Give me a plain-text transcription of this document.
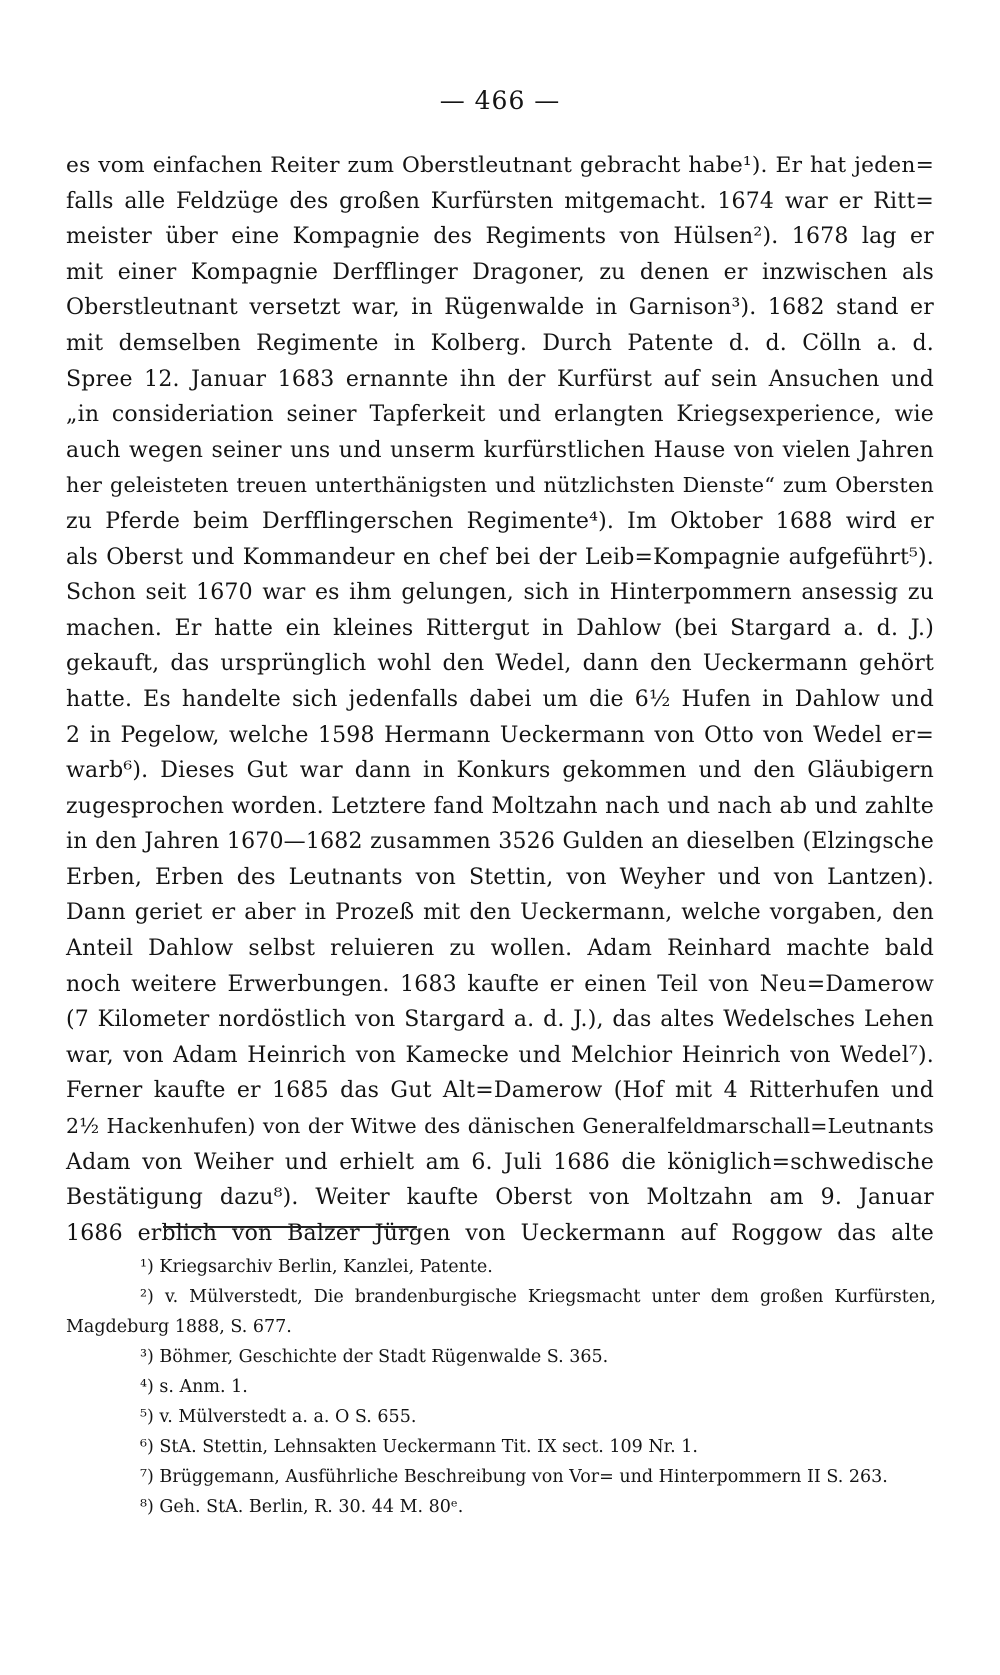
— 466 —
es vom einfachen Reiter zum Oberstleutnant gebracht habe¹). Er hat jeden=
falls alle Feldzüge des großen Kurfürsten mitgemacht. 1674 war er Ritt=
meister über eine Kompagnie des Regiments von Hülsen²). 1678 lag er
mit einer Kompagnie Derfflinger Dragoner, zu denen er inzwischen als
Oberstleutnant versetzt war, in Rügenwalde in Garnison³). 1682 stand er
mit demselben Regimente in Kolberg. Durch Patente d. d. Cölln a. d.
Spree 12. Januar 1683 ernannte ihn der Kurfürst auf sein Ansuchen und
„in consideriation seiner Tapferkeit und erlangten Kriegsexperience, wie
auch wegen seiner uns und unserm kurfürstlichen Hause von vielen Jahren
her geleisteten treuen unterthänigsten und nützlichsten Dienste“ zum Obersten
zu Pferde beim Derfflingerschen Regimente⁴). Im Oktober 1688 wird er
als Oberst und Kommandeur en chef bei der Leib=Kompagnie aufgeführt⁵).
Schon seit 1670 war es ihm gelungen, sich in Hinterpommern ansessig zu
machen. Er hatte ein kleines Rittergut in Dahlow (bei Stargard a. d. J.)
gekauft, das ursprünglich wohl den Wedel, dann den Ueckermann gehört
hatte. Es handelte sich jedenfalls dabei um die 6½ Hufen in Dahlow und
2 in Pegelow, welche 1598 Hermann Ueckermann von Otto von Wedel er=
warb⁶). Dieses Gut war dann in Konkurs gekommen und den Gläubigern
zugesprochen worden. Letztere fand Moltzahn nach und nach ab und zahlte
in den Jahren 1670—1682 zusammen 3526 Gulden an dieselben (Elzingsche
Erben, Erben des Leutnants von Stettin, von Weyher und von Lantzen).
Dann geriet er aber in Prozeß mit den Ueckermann, welche vorgaben, den
Anteil Dahlow selbst reluieren zu wollen. Adam Reinhard machte bald
noch weitere Erwerbungen. 1683 kaufte er einen Teil von Neu=Damerow
(7 Kilometer nordöstlich von Stargard a. d. J.), das altes Wedelsches Lehen
war, von Adam Heinrich von Kamecke und Melchior Heinrich von Wedel⁷).
Ferner kaufte er 1685 das Gut Alt=Damerow (Hof mit 4 Ritterhufen und
2½ Hackenhufen) von der Witwe des dänischen Generalfeldmarschall=Leutnants
Adam von Weiher und erhielt am 6. Juli 1686 die königlich=schwedische
Bestätigung dazu⁸). Weiter kaufte Oberst von Moltzahn am 9. Januar
1686 erblich von Balzer Jürgen von Ueckermann auf Roggow das alte
¹) Kriegsarchiv Berlin, Kanzlei, Patente.
²) v. Mülverstedt, Die brandenburgische Kriegsmacht unter dem großen Kurfürsten,
Magdeburg 1888, S. 677.
³) Böhmer, Geschichte der Stadt Rügenwalde S. 365.
⁴) s. Anm. 1.
⁵) v. Mülverstedt a. a. O S. 655.
⁶) StA. Stettin, Lehnsakten Ueckermann Tit. IX sect. 109 Nr. 1.
⁷) Brüggemann, Ausführliche Beschreibung von Vor= und Hinterpommern II S. 263.
⁸) Geh. StA. Berlin, R. 30. 44 M. 80ᵉ.
